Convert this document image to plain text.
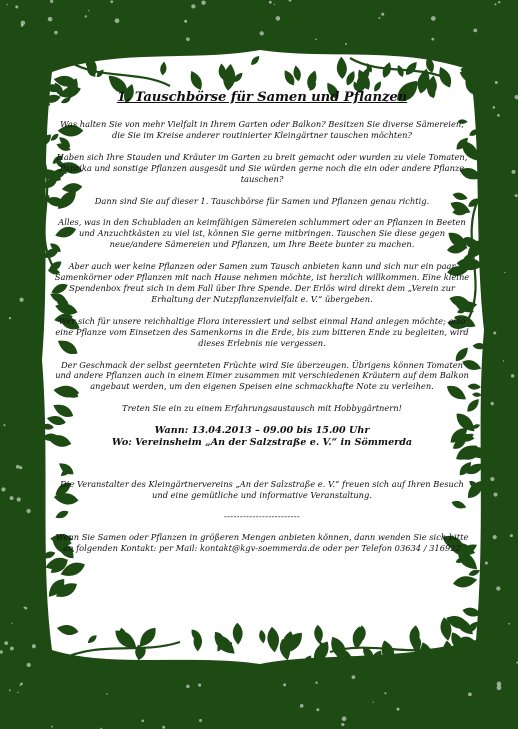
1. Tauschbörse für Samen und Pflanzen
Was halten Sie von mehr Vielfalt in Ihrem Garten oder Balkon? Besitzen Sie diverse Sämereien, die Sie im Kreise anderer routinierter Kleingärtner tauschen möchten?
Haben sich Ihre Stauden und Kräuter im Garten zu breit gemacht oder wurden zu viele Tomaten, Paprika und sonstige Pflanzen ausgesät und Sie würden gerne noch die ein oder andere Pflanze tauschen?
Dann sind Sie auf dieser 1. Tauschbörse für Samen und Pflanzen genau richtig.
Alles, was in den Schubladen an keimfähigen Sämereien schlummert oder an Pflanzen in Beeten und Anzuchtkästen zu viel ist, können Sie gerne mitbringen. Tauschen Sie diese gegen neue/andere Sämereien und Pflanzen, um Ihre Beete bunter zu machen.
Aber auch wer keine Pflanzen oder Samen zum Tausch anbieten kann und sich nur ein paar Samenkörner oder Pflanzen mit nach Hause nehmen möchte, ist herzlich willkommen. Eine kleine Spendenbox freut sich in dem Fall über Ihre Spende. Der Erlös wird direkt dem „Verein zur Erhaltung der Nutzpflanzenvielfalt e. V.“ übergeben.
Wer sich für unsere reichhaltige Flora interessiert und selbst einmal Hand anlegen möchte; also eine Pflanze vom Einsetzen des Samenkorns in die Erde, bis zum bitteren Ende zu begleiten, wird dieses Erlebnis nie vergessen.
Der Geschmack der selbst geernteten Früchte wird Sie überzeugen. Übrigens können Tomaten und andere Pflanzen auch in einem Eimer zusammen mit verschiedenen Kräutern auf dem Balkon angebaut werden, um den eigenen Speisen eine schmackhafte Note zu verleihen.
Treten Sie ein zu einem Erfahrungsaustausch mit Hobbygärtnern!
Wann: 13.04.2013 – 09.00 bis 15.00 Uhr
Wo: Vereinsheim „An der Salzstraße e. V.“ in Sömmerda
Die Veranstalter des Kleingärtnervereins „An der Salzstraße e. V.“ freuen sich auf Ihren Besuch und eine gemütliche und informative Veranstaltung.
------------------------
Wenn Sie Samen oder Pflanzen in größeren Mengen anbieten können, dann wenden Sie sich bitte an folgenden Kontakt: per Mail: kontakt@kgv-soemmerda.de oder per Telefon 03634 / 316922
